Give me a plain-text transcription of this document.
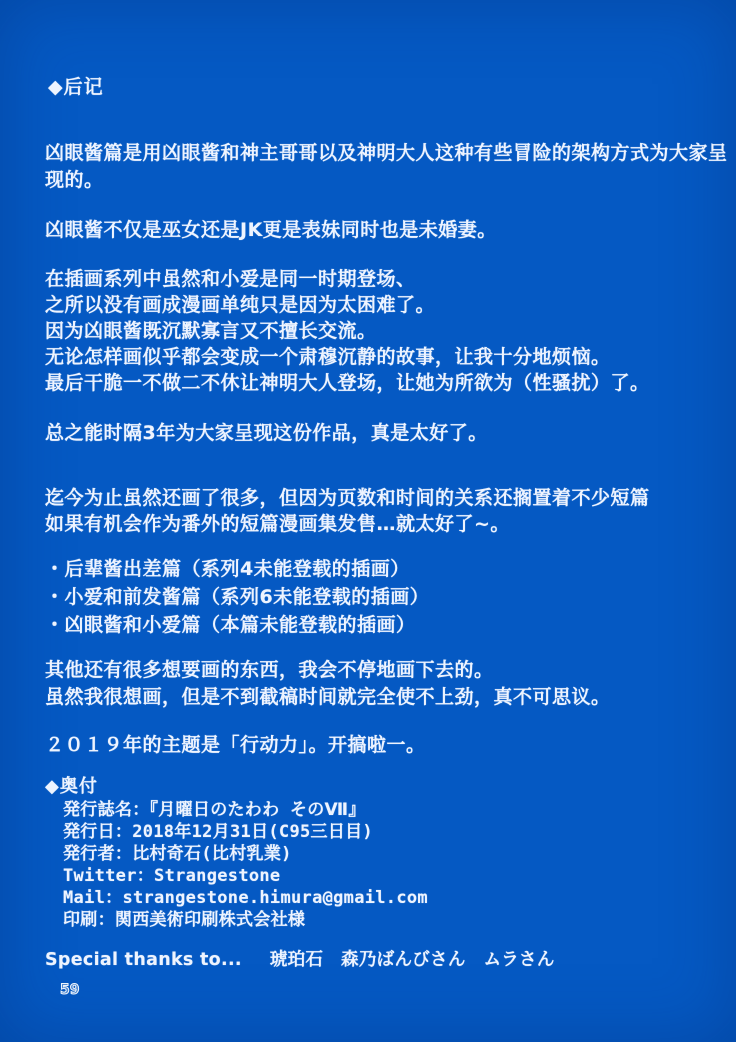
◆后记

凶眼酱篇是用凶眼酱和神主哥哥以及神明大人这种有些冒险的架构方式为大家呈现的。

凶眼酱不仅是巫女还是JK更是表妹同时也是未婚妻。

在插画系列中虽然和小爱是同一时期登场、
之所以没有画成漫画单纯只是因为太困难了。
因为凶眼酱既沉默寡言又不擅长交流。
无论怎样画似乎都会变成一个肃穆沉静的故事，让我十分地烦恼。
最后干脆一不做二不休让神明大人登场，让她为所欲为（性骚扰）了。

总之能时隔3年为大家呈现这份作品，真是太好了。

迄今为止虽然还画了很多，但因为页数和时间的关系还搁置着不少短篇
如果有机会作为番外的短篇漫画集发售…就太好了~。
・后辈酱出差篇（系列4未能登载的插画）
・小爱和前发酱篇（系列6未能登载的插画）
・凶眼酱和小爱篇（本篇未能登载的插画）
其他还有很多想要画的东西，我会不停地画下去的。
虽然我很想画，但是不到截稿时间就完全使不上劲，真不可思议。

２０１９年的主题是「行动力」。开搞啦一。

◆奥付
発行誌名：『月曜日のたわわ そのⅦ』
発行日：2018年12月31日(C95三日目)
発行者：比村奇石(比村乳業)
Twitter：Strangestone
Mail：strangestone.himura@gmail.com
印刷：関西美術印刷株式会社様

Special thanks to... 琥珀石　森乃ばんびさん　ムラさん

59
